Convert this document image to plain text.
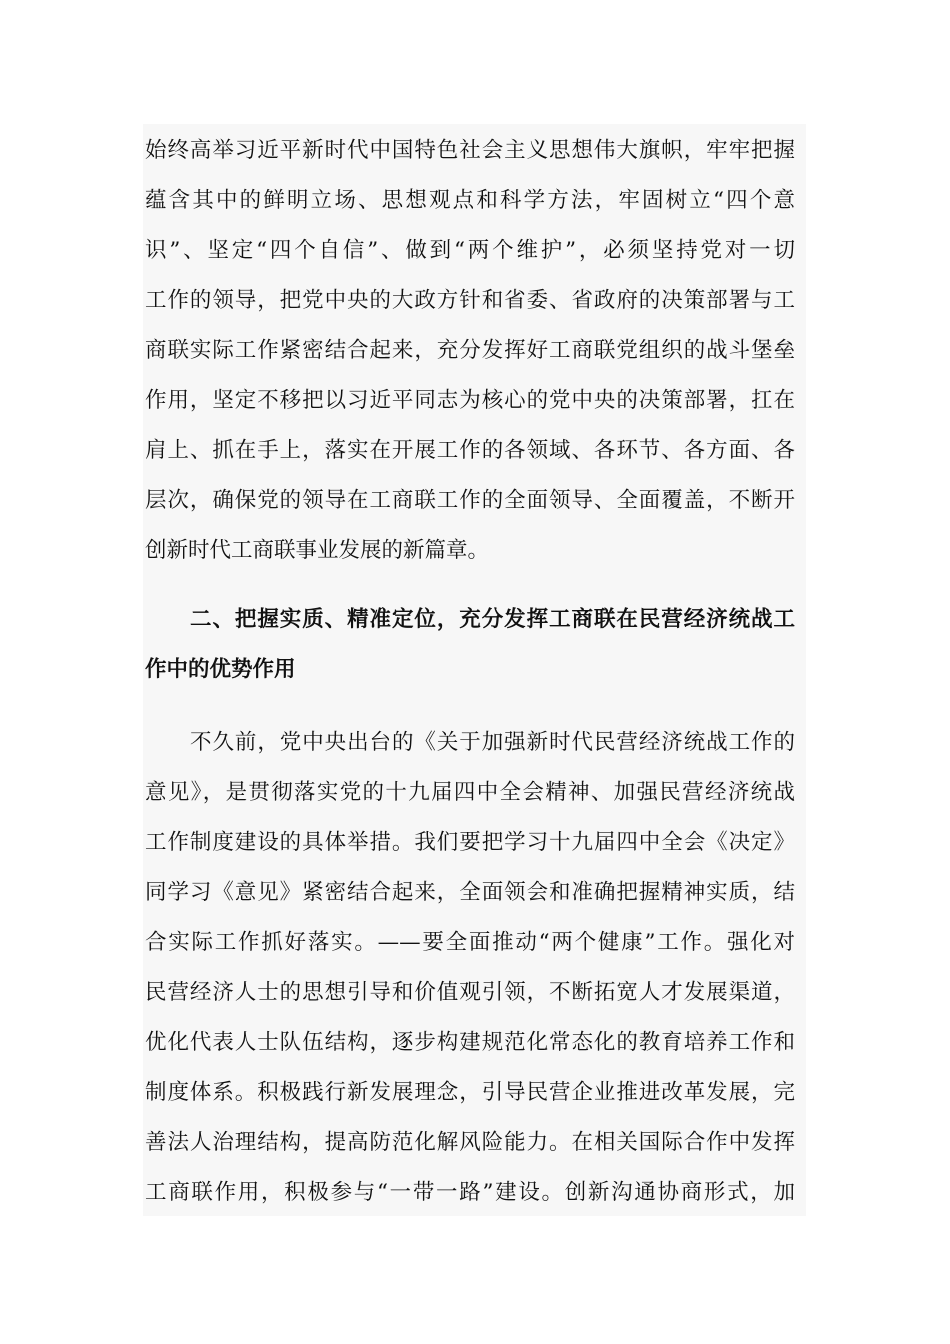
始终高举习近平新时代中国特色社会主义思想伟大旗帜，牢牢把握
蕴含其中的鲜明立场、思想观点和科学方法，牢固树立“四个意
识”、坚定“四个自信”、做到“两个维护”，必须坚持党对一切
工作的领导，把党中央的大政方针和省委、省政府的决策部署与工
商联实际工作紧密结合起来，充分发挥好工商联党组织的战斗堡垒
作用，坚定不移把以习近平同志为核心的党中央的决策部署，扛在
肩上、抓在手上，落实在开展工作的各领域、各环节、各方面、各
层次，确保党的领导在工商联工作的全面领导、全面覆盖，不断开
创新时代工商联事业发展的新篇章。
二、把握实质、精准定位，充分发挥工商联在民营经济统战工
作中的优势作用
不久前，党中央出台的《关于加强新时代民营经济统战工作的
意见》，是贯彻落实党的十九届四中全会精神、加强民营经济统战
工作制度建设的具体举措。我们要把学习十九届四中全会《决定》
同学习《意见》紧密结合起来，全面领会和准确把握精神实质，结
合实际工作抓好落实。——要全面推动“两个健康”工作。强化对
民营经济人士的思想引导和价值观引领，不断拓宽人才发展渠道，
优化代表人士队伍结构，逐步构建规范化常态化的教育培养工作和
制度体系。积极践行新发展理念，引导民营企业推进改革发展，完
善法人治理结构，提高防范化解风险能力。在相关国际合作中发挥
工商联作用，积极参与“一带一路”建设。创新沟通协商形式，加
